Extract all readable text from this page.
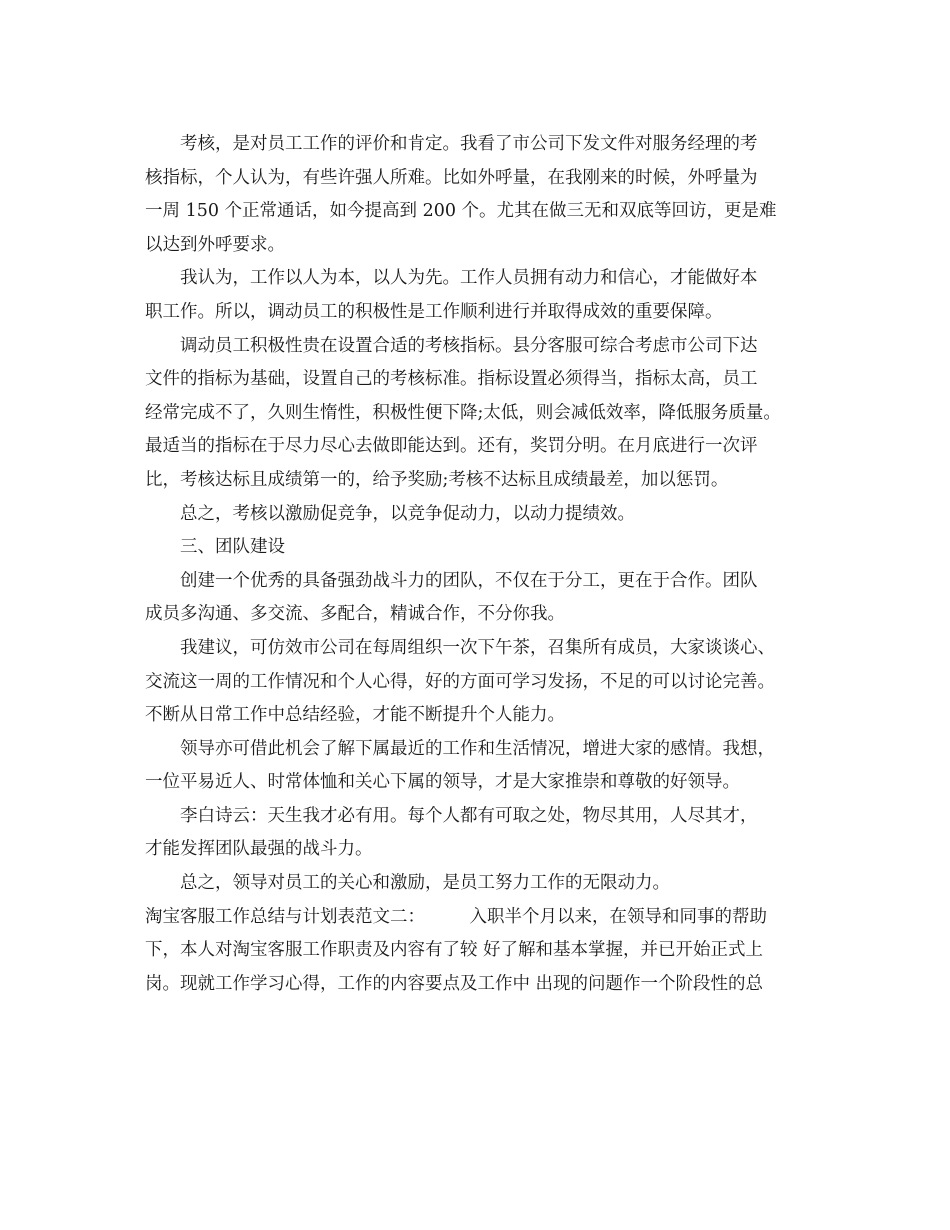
考核，是对员工工作的评价和肯定。我看了市公司下发文件对服务经理的考
核指标，个人认为，有些许强人所难。比如外呼量，在我刚来的时候，外呼量为
一周 150 个正常通话，如今提高到 200 个。尤其在做三无和双底等回访，更是难
以达到外呼要求。
我认为，工作以人为本，以人为先。工作人员拥有动力和信心，才能做好本
职工作。所以，调动员工的积极性是工作顺利进行并取得成效的重要保障。
调动员工积极性贵在设置合适的考核指标。县分客服可综合考虑市公司下达
文件的指标为基础，设置自己的考核标准。指标设置必须得当，指标太高，员工
经常完成不了，久则生惰性，积极性便下降;太低，则会减低效率，降低服务质量。
最适当的指标在于尽力尽心去做即能达到。还有，奖罚分明。在月底进行一次评
比，考核达标且成绩第一的，给予奖励;考核不达标且成绩最差，加以惩罚。
总之，考核以激励促竞争，以竞争促动力，以动力提绩效。
三、团队建设
创建一个优秀的具备强劲战斗力的团队，不仅在于分工，更在于合作。团队
成员多沟通、多交流、多配合，精诚合作，不分你我。
我建议，可仿效市公司在每周组织一次下午茶，召集所有成员，大家谈谈心、
交流这一周的工作情况和个人心得，好的方面可学习发扬，不足的可以讨论完善。
不断从日常工作中总结经验，才能不断提升个人能力。
领导亦可借此机会了解下属最近的工作和生活情况，增进大家的感情。我想，
一位平易近人、时常体恤和关心下属的领导，才是大家推崇和尊敬的好领导。
李白诗云：天生我才必有用。每个人都有可取之处，物尽其用，人尽其才，
才能发挥团队最强的战斗力。
总之，领导对员工的关心和激励，是员工努力工作的无限动力。
淘宝客服工作总结与计划表范文二：        入职半个月以来，在领导和同事的帮助
下，本人对淘宝客服工作职责及内容有了较 好了解和基本掌握，并已开始正式上
岗。现就工作学习心得，工作的内容要点及工作中 出现的问题作一个阶段性的总
